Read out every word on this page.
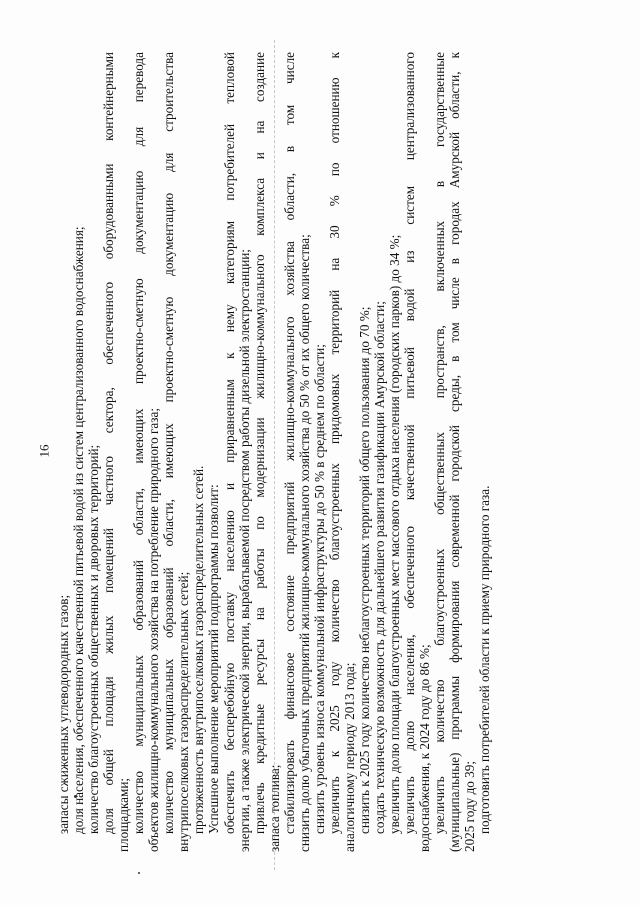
16
запасы сжиженных углеводородных газов; доля населения, обеспеченного качественной питьевой водой из систем централизованного водоснабжения; количество благоустроенных общественных и дворовых территорий; доля общей площади жилых помещений частного сектора, обеспеченного оборудованными контейнерными площадками; количество муниципальных образований области, имеющих проектно-сметную документацию для перевода объектов жилищно-коммунального хозяйства на потребление природного газа; количество муниципальных образований области, имеющих проектно-сметную документацию для строительства внутрипоселковых газораспределительных сетей; протяженность внутрипоселковых газораспределительных сетей. Успешное выполнение мероприятий подпрограммы позволит: обеспечить бесперебойную поставку населению и приравненным к нему категориям потребителей тепловой энергии, а также электрической энергии, вырабатываемой посредством работы дизельной электростанции; привлечь кредитные ресурсы на работы по модернизации жилищно-коммунального комплекса и на создание запаса топлива; стабилизировать финансовое состояние предприятий жилищно-коммунального хозяйства области, в том числе снизить долю убыточных предприятий жилищно-коммунального хозяйства до 50 % от их общего количества; снизить уровень износа коммунальной инфраструктуры до 50 % в среднем по области; увеличить к 2025 году количество благоустроенных придомовых территорий на 30 % по отношению к аналогичному периоду 2013 года; снизить к 2025 году количество неблагоустроенных территорий общего пользования до 70 %; создать техническую возможность для дальнейшего развития газификации Амурской области; увеличить долю площади благоустроенных мест массового отдыха населения (городских парков) до 34 %; увеличить долю населения, обеспеченного качественной питьевой водой из систем централизованного водоснабжения, к 2024 году до 86 %; увеличить количество благоустроенных общественных пространств, включенных в государственные (муниципальные) программы формирования современной городской среды, в том числе в городах Амурской области, к 2025 году до 39; подготовить потребителей области к приему природного газа.
